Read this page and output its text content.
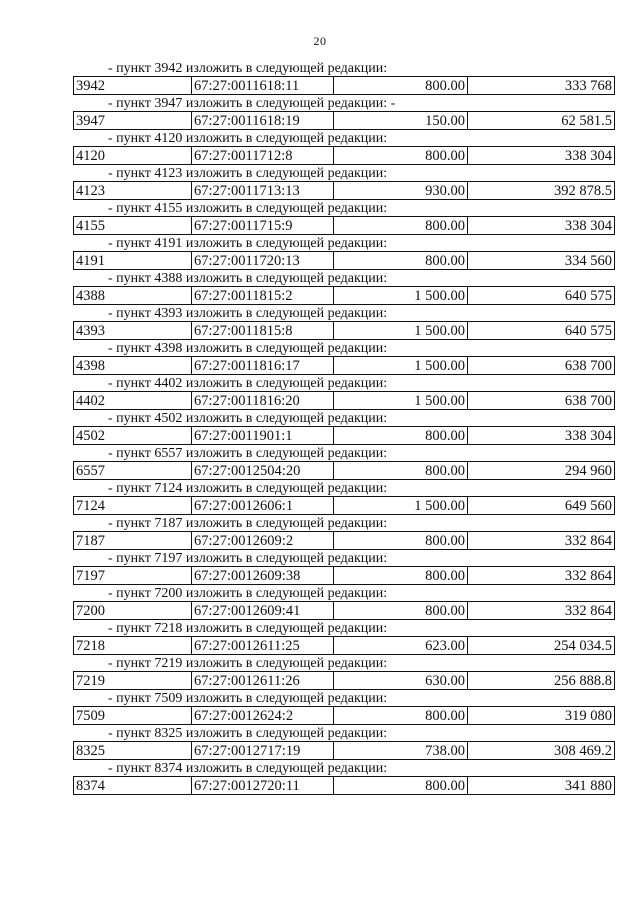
20
- пункт 3942 изложить в следующей редакции:
3942	67:27:0011618:11	800.00	333 768
- пункт 3947 изложить в следующей редакции: -
3947	67:27:0011618:19	150.00	62 581.5
- пункт 4120 изложить в следующей редакции:
4120	67:27:0011712:8	800.00	338 304
- пункт 4123 изложить в следующей редакции:
4123	67:27:0011713:13	930.00	392 878.5
- пункт 4155 изложить в следующей редакции:
4155	67:27:0011715:9	800.00	338 304
- пункт 4191 изложить в следующей редакции:
4191	67:27:0011720:13	800.00	334 560
- пункт 4388 изложить в следующей редакции:
4388	67:27:0011815:2	1 500.00	640 575
- пункт 4393 изложить в следующей редакции:
4393	67:27:0011815:8	1 500.00	640 575
- пункт 4398 изложить в следующей редакции:
4398	67:27:0011816:17	1 500.00	638 700
- пункт 4402 изложить в следующей редакции:
4402	67:27:0011816:20	1 500.00	638 700
- пункт 4502 изложить в следующей редакции:
4502	67:27:0011901:1	800.00	338 304
- пункт 6557 изложить в следующей редакции:
6557	67:27:0012504:20	800.00	294 960
- пункт 7124 изложить в следующей редакции:
7124	67:27:0012606:1	1 500.00	649 560
- пункт 7187 изложить в следующей редакции:
7187	67:27:0012609:2	800.00	332 864
- пункт 7197 изложить в следующей редакции:
7197	67:27:0012609:38	800.00	332 864
- пункт 7200 изложить в следующей редакции:
7200	67:27:0012609:41	800.00	332 864
- пункт 7218 изложить в следующей редакции:
7218	67:27:0012611:25	623.00	254 034.5
- пункт 7219 изложить в следующей редакции:
7219	67:27:0012611:26	630.00	256 888.8
- пункт 7509 изложить в следующей редакции:
7509	67:27:0012624:2	800.00	319 080
- пункт 8325 изложить в следующей редакции:
8325	67:27:0012717:19	738.00	308 469.2
- пункт 8374 изложить в следующей редакции:
8374	67:27:0012720:11	800.00	341 880
